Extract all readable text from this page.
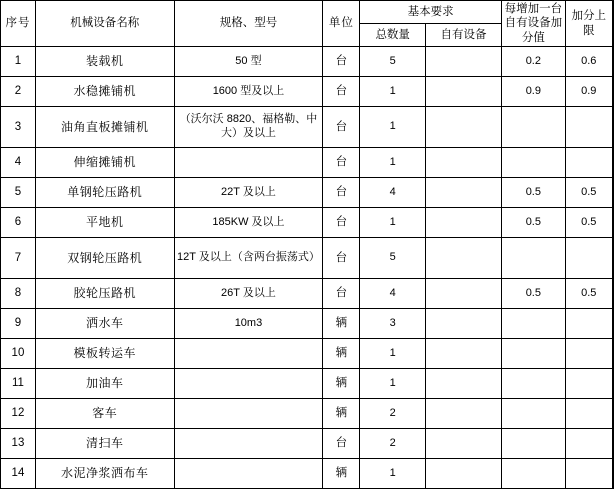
序号	机械设备名称	规格、型号	单位	基本要求		每增加一台自有设备加分值	加分上限	
				总数量	自有设备			
1	装载机	50 型	台	5		0.2	0.6	

2	水稳摊铺机	1600 型及以上	台	1		0.9	0.9	
3	油角直板摊铺机	（沃尔沃 8820、福格勒、中大）及以上	台	1				
4	伸缩摊铺机		台	1				
5	单钢轮压路机	22T 及以上	台	4		0.5	0.5	
6	平地机	185KW 及以上	台	1		0.5	0.5	
7	双钢轮压路机	12T 及以上（含两台振荡式）	台	5				
8	胶轮压路机	26T 及以上	台	4		0.5	0.5	
9	洒水车	10m3	辆	3				
10	模板转运车		辆	1				
11	加油车		辆	1				
12	客车		辆	2				
13	清扫车		台	2				
14	水泥净浆洒布车		辆	1				
